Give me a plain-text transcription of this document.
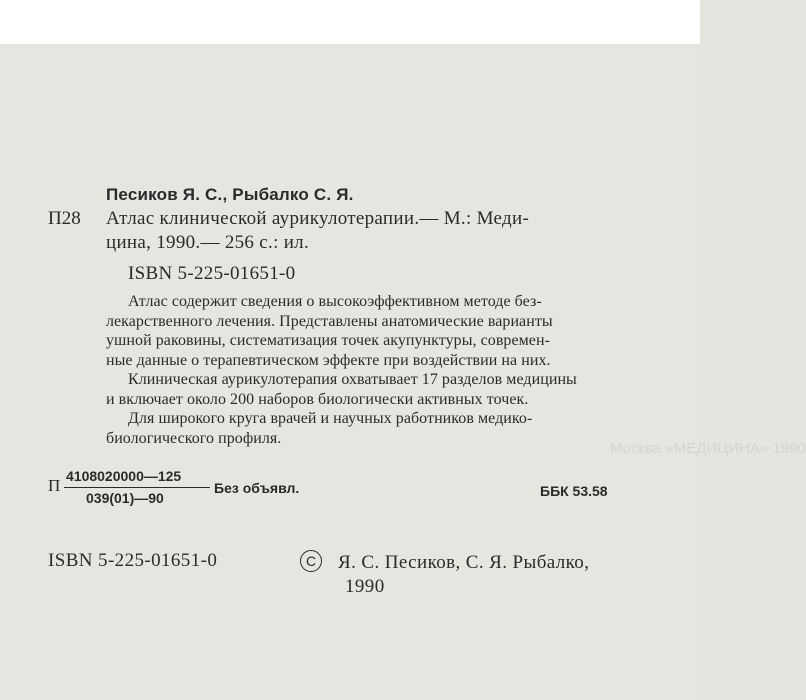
Москва «МЕДИЦИНА» 1990
Песиков Я. С., Рыбалко С. Я.
П28 Атлас клинической аурикулотерапии.— М.: Меди-
цина, 1990.— 256 с.: ил.
ISBN 5-225-01651-0
Атлас содержит сведения о высокоэффективном методе без-
лекарственного лечения. Представлены анатомические варианты
ушной раковины, систематизация точек акупунктуры, современ-
ные данные о терапевтическом эффекте при воздействии на них.
Клиническая аурикулотерапия охватывает 17 разделов медицины
и включает около 200 наборов биологически активных точек.
Для широкого круга врачей и научных работников медико-
биологического профиля.
П 4108020000—125
039(01)—90
Без объявл.	ББК 53.58
ISBN 5-225-01651-0	C	Я. С. Песиков, С. Я. Рыбалко,
1990
